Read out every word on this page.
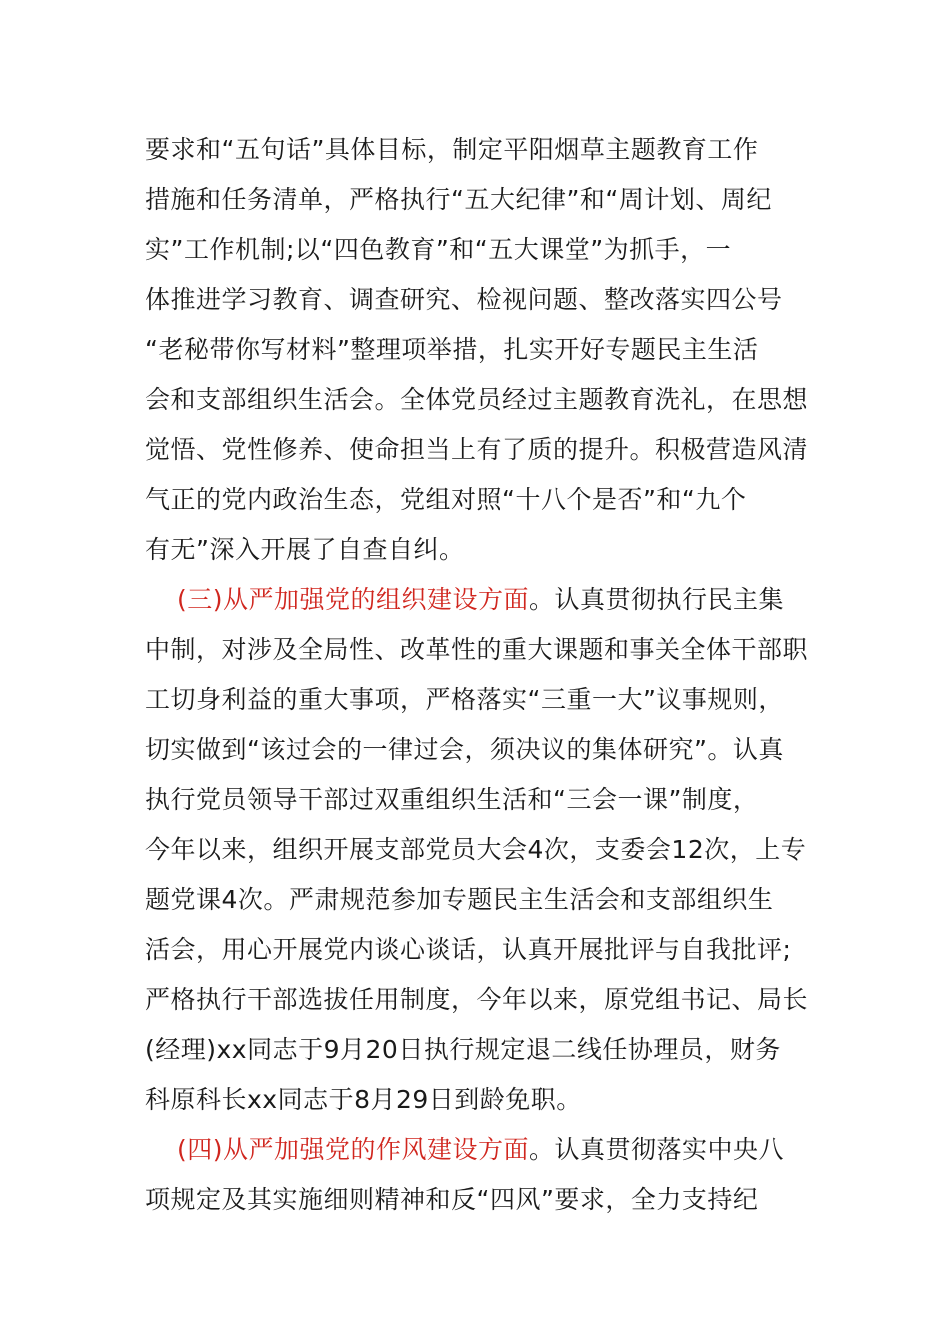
要求和“五句话”具体目标，制定平阳烟草主题教育工作
措施和任务清单，严格执行“五大纪律”和“周计划、周纪
实”工作机制;以“四色教育”和“五大课堂”为抓手，一
体推进学习教育、调查研究、检视问题、整改落实四公号
“老秘带你写材料”整理项举措，扎实开好专题民主生活
会和支部组织生活会。全体党员经过主题教育洗礼，在思想
觉悟、党性修养、使命担当上有了质的提升。积极营造风清
气正的党内政治生态，党组对照“十八个是否”和“九个
有无”深入开展了自查自纠。
(三)从严加强党的组织建设方面。认真贯彻执行民主集
中制，对涉及全局性、改革性的重大课题和事关全体干部职
工切身利益的重大事项，严格落实“三重一大”议事规则，
切实做到“该过会的一律过会，须决议的集体研究”。认真
执行党员领导干部过双重组织生活和“三会一课”制度，
今年以来，组织开展支部党员大会4次，支委会12次，上专
题党课4次。严肃规范参加专题民主生活会和支部组织生
活会，用心开展党内谈心谈话，认真开展批评与自我批评;
严格执行干部选拔任用制度，今年以来，原党组书记、局长
(经理)xx同志于9月20日执行规定退二线任协理员，财务
科原科长xx同志于8月29日到龄免职。
(四)从严加强党的作风建设方面。认真贯彻落实中央八
项规定及其实施细则精神和反“四风”要求，全力支持纪
